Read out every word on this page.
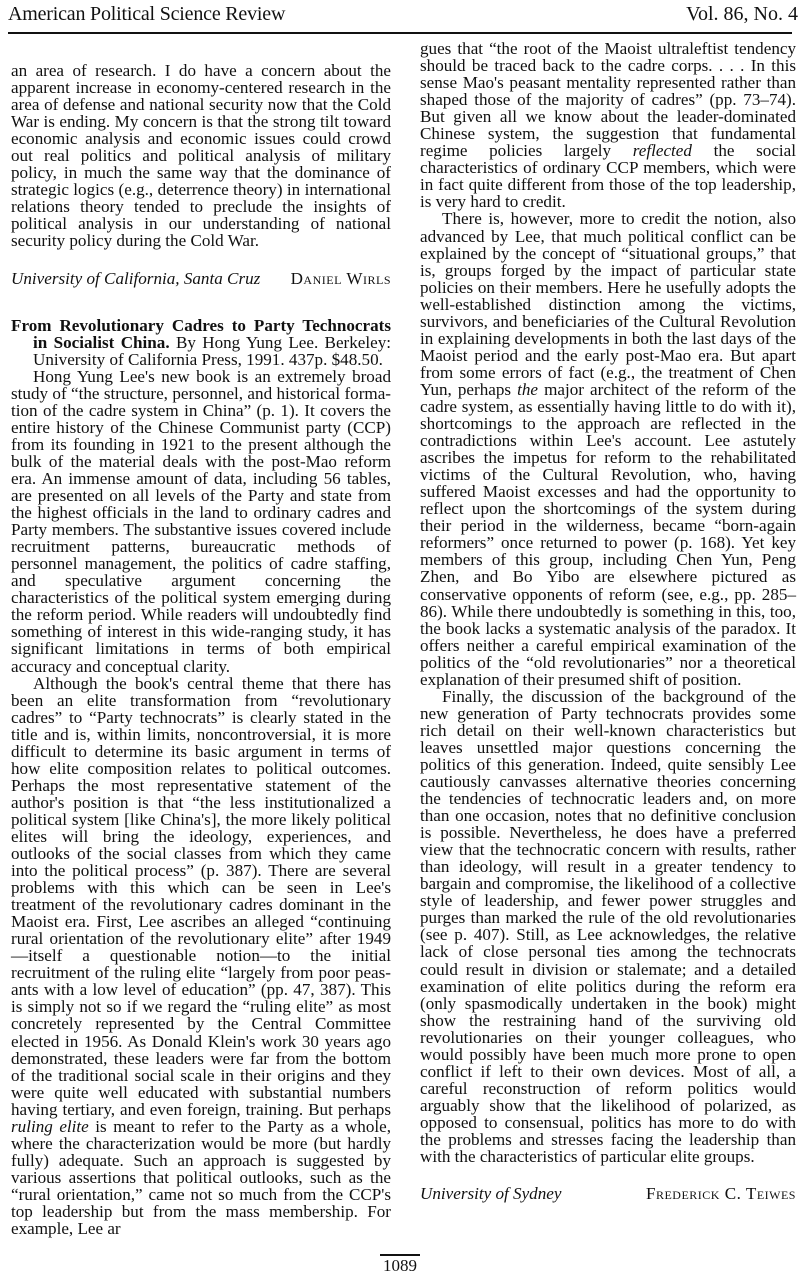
American Political Science Review	Vol. 86, No. 4

an area of research. I do have a concern about the apparent increase in economy-centered research in the area of defense and national security now that the Cold War is ending. My concern is that the strong tilt toward economic analysis and economic issues could crowd out real politics and political analysis of military policy, in much the same way that the dominance of strategic logics (e.g., deterrence theory) in international relations theory tended to preclude the insights of political analysis in our understanding of national security policy during the Cold War.

University of California, Santa Cruz Daniel Wirls

From Revolutionary Cadres to Party Technocrats in Socialist China. By Hong Yung Lee. Berkeley: University of California Press, 1991. 437p. $48.50.

Hong Yung Lee's new book is an extremely broad study of “the structure, personnel, and historical formation of the cadre system in China” (p. 1). It covers the entire history of the Chinese Communist party (CCP) from its founding in 1921 to the present although the bulk of the material deals with the post-Mao reform era. An immense amount of data, including 56 tables, are presented on all levels of the Party and state from the highest officials in the land to ordinary cadres and Party members. The substantive issues covered include recruitment patterns, bureaucratic methods of personnel management, the politics of cadre staffing, and speculative argument concerning the characteristics of the political system emerging during the reform period. While readers will undoubtedly find something of interest in this wide-ranging study, it has significant limitations in terms of both empirical accuracy and conceptual clarity.

Although the book's central theme that there has been an elite transformation from “revolutionary cadres” to “Party technocrats” is clearly stated in the title and is, within limits, noncontroversial, it is more difficult to determine its basic argument in terms of how elite composition relates to political outcomes. Perhaps the most representative statement of the author's position is that “the less institutionalized a political system [like China's], the more likely political elites will bring the ideology, experiences, and outlooks of the social classes from which they came into the political process” (p. 387). There are several problems with this which can be seen in Lee's treatment of the revolutionary cadres dominant in the Maoist era. First, Lee ascribes an alleged “continuing rural orientation of the revolutionary elite” after 1949—itself a questionable notion—to the initial recruitment of the ruling elite “largely from poor peasants with a low level of education” (pp. 47, 387). This is simply not so if we regard the “ruling elite” as most concretely represented by the Central Committee elected in 1956. As Donald Klein's work 30 years ago demonstrated, these leaders were far from the bottom of the traditional social scale in their origins and they were quite well educated with substantial numbers having tertiary, and even foreign, training. But perhaps ruling elite is meant to refer to the Party as a whole, where the characterization would be more (but hardly fully) adequate. Such an approach is suggested by various assertions that political outlooks, such as the “rural orientation,” came not so much from the CCP's top leadership but from the mass membership. For example, Lee ar

gues that “the root of the Maoist ultraleftist tendency should be traced back to the cadre corps. . . . In this sense Mao's peasant mentality represented rather than shaped those of the majority of cadres” (pp. 73–74). But given all we know about the leader-dominated Chinese system, the suggestion that fundamental regime policies largely reflected the social characteristics of ordinary CCP members, which were in fact quite different from those of the top leadership, is very hard to credit.

There is, however, more to credit the notion, also advanced by Lee, that much political conflict can be explained by the concept of “situational groups,” that is, groups forged by the impact of particular state policies on their members. Here he usefully adopts the well-established distinction among the victims, survivors, and beneficiaries of the Cultural Revolution in explaining developments in both the last days of the Maoist period and the early post-Mao era. But apart from some errors of fact (e.g., the treatment of Chen Yun, perhaps the major architect of the reform of the cadre system, as essentially having little to do with it), shortcomings to the approach are reflected in the contradictions within Lee's account. Lee astutely ascribes the impetus for reform to the rehabilitated victims of the Cultural Revolution, who, having suffered Maoist excesses and had the opportunity to reflect upon the shortcomings of the system during their period in the wilderness, became “born-again reformers” once returned to power (p. 168). Yet key members of this group, including Chen Yun, Peng Zhen, and Bo Yibo are elsewhere pictured as conservative opponents of reform (see, e.g., pp. 285–86). While there undoubtedly is something in this, too, the book lacks a systematic analysis of the paradox. It offers neither a careful empirical examination of the politics of the “old revolutionaries” nor a theoretical explanation of their presumed shift of position.

Finally, the discussion of the background of the new generation of Party technocrats provides some rich detail on their well-known characteristics but leaves unsettled major questions concerning the politics of this generation. Indeed, quite sensibly Lee cautiously canvasses alternative theories concerning the tendencies of technocratic leaders and, on more than one occasion, notes that no definitive conclusion is possible. Nevertheless, he does have a preferred view that the technocratic concern with results, rather than ideology, will result in a greater tendency to bargain and compromise, the likelihood of a collective style of leadership, and fewer power struggles and purges than marked the rule of the old revolutionaries (see p. 407). Still, as Lee acknowledges, the relative lack of close personal ties among the technocrats could result in division or stalemate; and a detailed examination of elite politics during the reform era (only spasmodically undertaken in the book) might show the restraining hand of the surviving old revolutionaries on their younger colleagues, who would possibly have been much more prone to open conflict if left to their own devices. Most of all, a careful reconstruction of reform politics would arguably show that the likelihood of polarized, as opposed to consensual, politics has more to do with the problems and stresses facing the leadership than with the characteristics of particular elite groups.

University of Sydney	Frederick C. Teiwes
1089
